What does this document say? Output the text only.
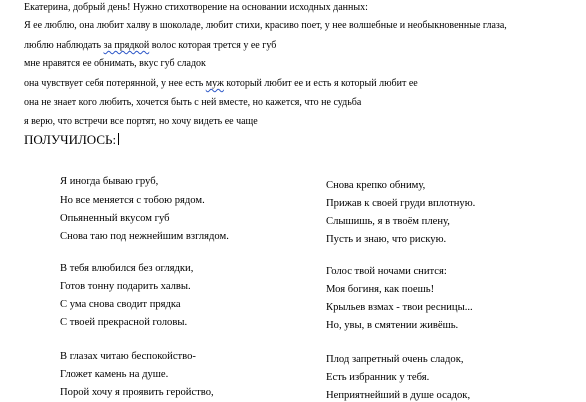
Екатерина, добрый день! Нужно стихотворение на основании исходных данных:
Я ее люблю, она любит халву в шоколаде, любит стихи, красиво поет, у нее волшебные и необыкновенные глаза,
люблю наблюдать за прядкой волос которая трется у ее губ
мне нравятся ее обнимать, вкус губ сладок
она чувствует себя потерянной, у нее есть муж который любит ее и есть я который любит ее
она не знает кого любить, хочется быть с ней вместе, но кажется, что не судьба
я верю, что встречи все портят, но хочу видеть ее чаще
ПОЛУЧИЛОСЬ:
Я иногда бываю груб,
Но все меняется с тобою рядом.
Опьяненный вкусом губ
Снова таю под нежнейшим взглядом.
В тебя влюбился без оглядки,
Готов тонну подарить халвы.
С ума снова сводит прядка
С твоей прекрасной головы.
В глазах читаю беспокойство-
Гложет камень на душе.
Порой хочу я проявить геройство,
Снова крепко обниму,
Прижав к своей груди вплотную.
Слышишь, я в твоём плену,
Пусть и знаю, что рискую.
Голос твой ночами снится:
Моя богиня, как поешь!
Крыльев взмах - твои ресницы...
Но, увы, в смятении живёшь.
Плод запретный очень сладок,
Есть избранник у тебя.
Неприятнейший в душе осадок,
